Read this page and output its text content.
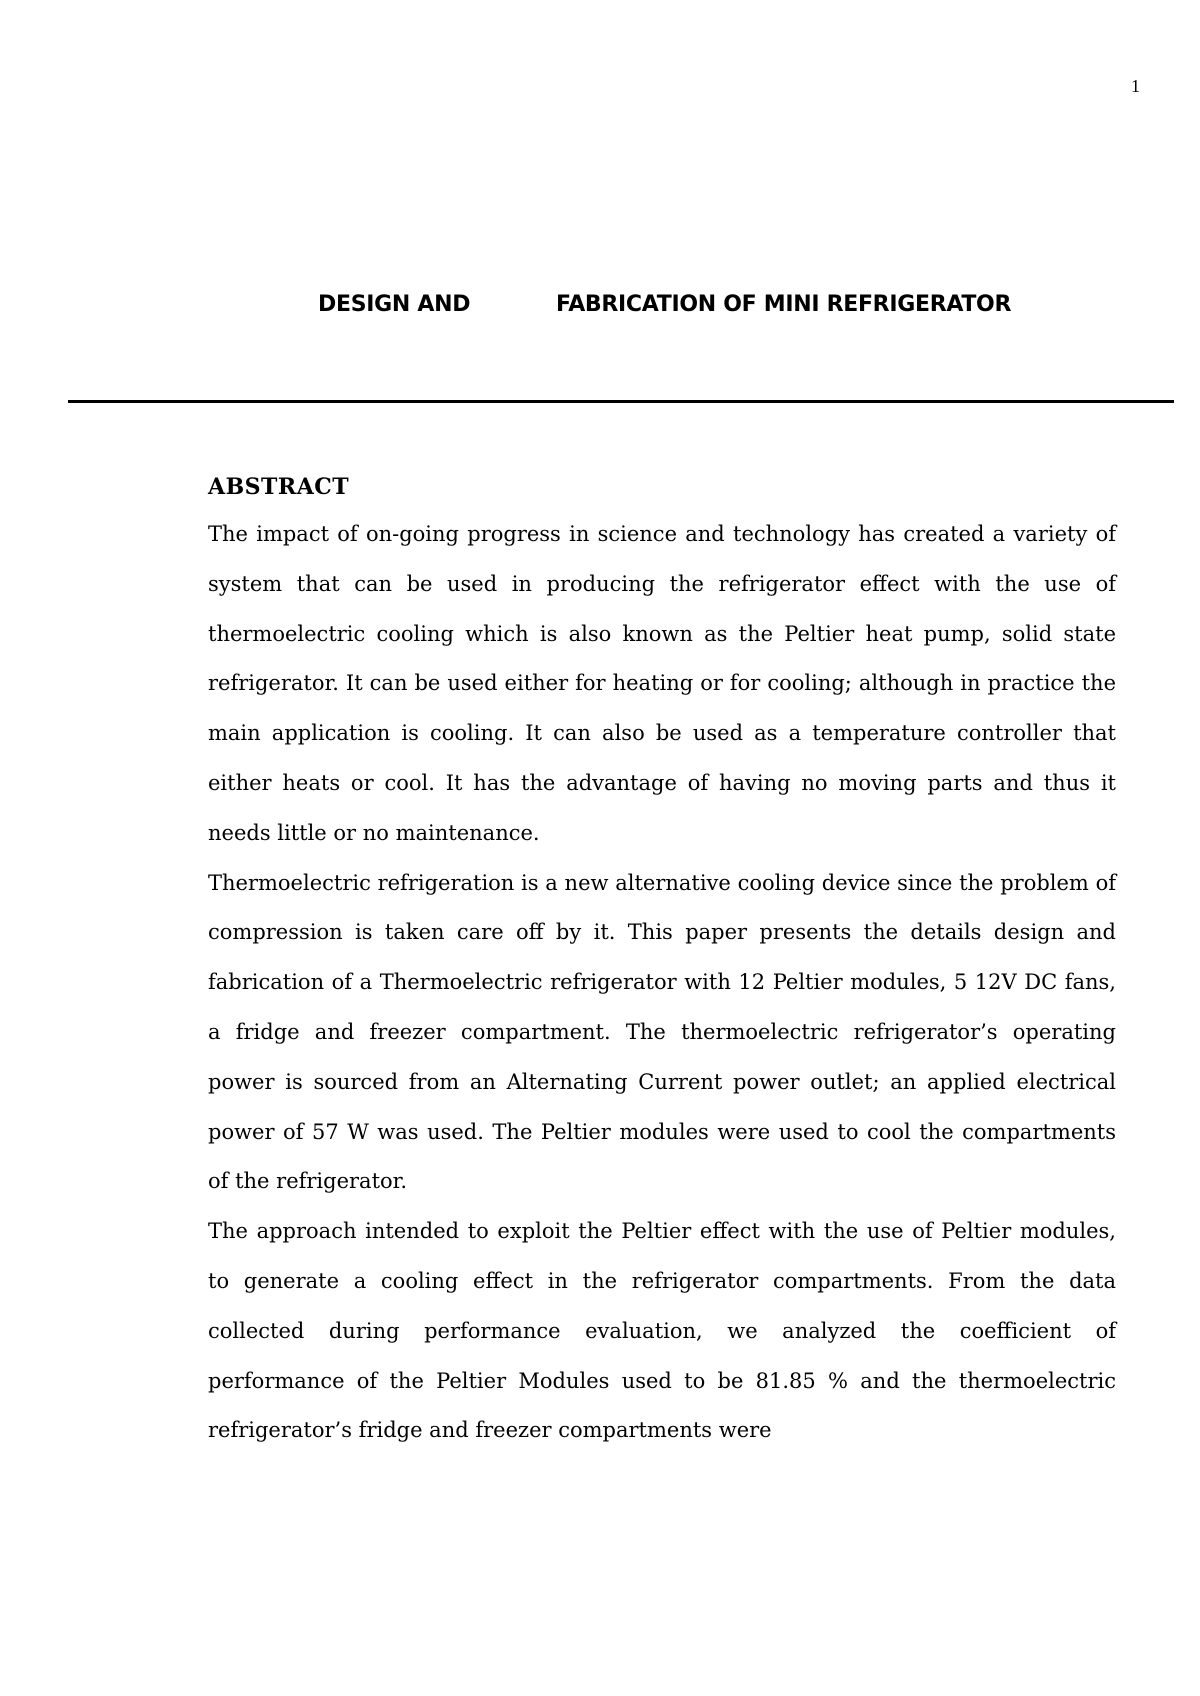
1
DESIGN AND	FABRICATION OF MINI REFRIGERATOR
ABSTRACT

The impact of on-going progress in science and technology has created a variety of system that can be used in producing the refrigerator effect with the use of thermoelectric cooling which is also known as the Peltier heat pump, solid state refrigerator. It can be used either for heating or for cooling; although in practice the main application is cooling. It can also be used as a temperature controller that either heats or cool. It has the advantage of having no moving parts and thus it needs little or no maintenance.

Thermoelectric refrigeration is a new alternative cooling device since the problem of compression is taken care off by it. This paper presents the details design and fabrication of a Thermoelectric refrigerator with 12 Peltier modules, 5 12V DC fans, a fridge and freezer compartment. The thermoelectric refrigerator’s operating power is sourced from an Alternating Current power outlet; an applied electrical power of 57 W was used. The Peltier modules were used to cool the compartments of the refrigerator.

The approach intended to exploit the Peltier effect with the use of Peltier modules, to generate a cooling effect in the refrigerator compartments. From the data collected during performance evaluation, we analyzed the coefficient of performance of the Peltier Modules used to be 81.85 % and the thermoelectric refrigerator’s fridge and freezer compartments were
